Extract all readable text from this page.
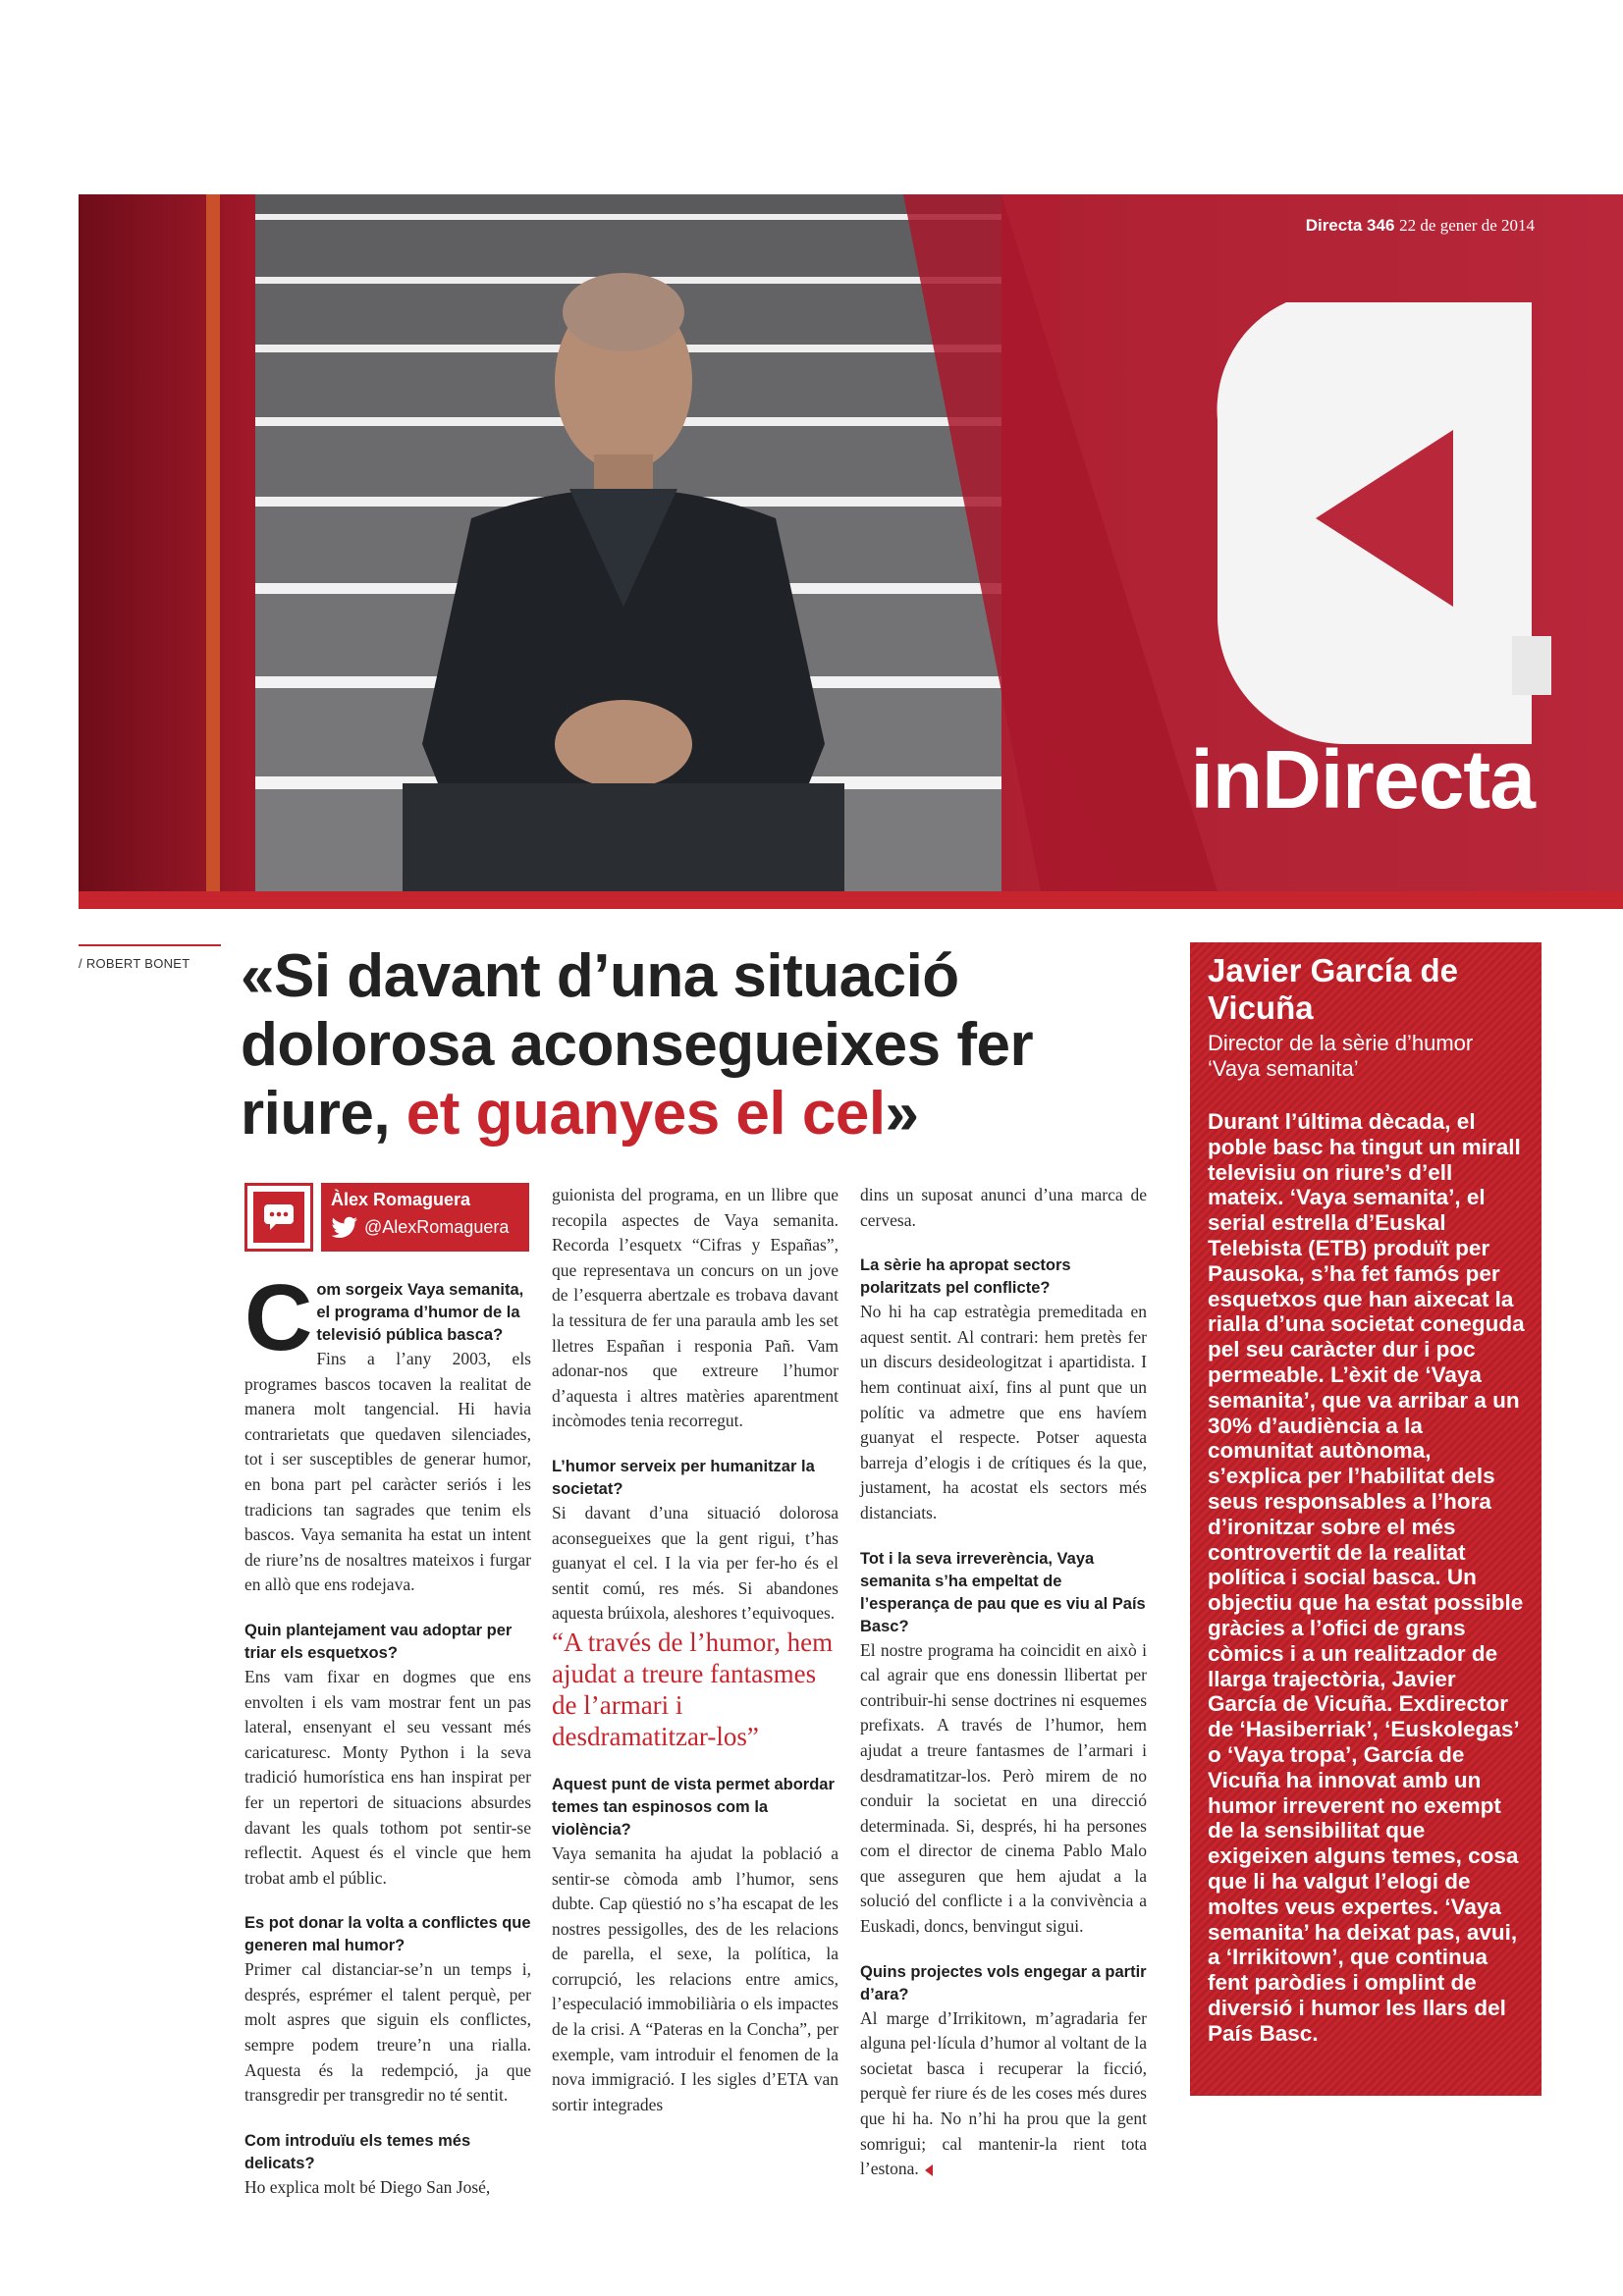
Directa 346 22 de gener de 2014
inDirecta
/ ROBERT BONET «Si davant d’una situació dolorosa aconsegueixes fer riure, et guanyes el cel»
Àlex Romaguera
@AlexRomaguera

Com sorgeix Vaya semanita, el programa d’humor de la televisió pública basca?

Fins a l’any 2003, els programes bascos tocaven la realitat de manera molt tangencial. Hi havia contrarietats que quedaven silenciades, tot i ser susceptibles de generar humor, en bona part pel caràcter seriós i les tradicions tan sagrades que tenim els bascos. Vaya semanita ha estat un intent de riure’ns de nosaltres mateixos i furgar en allò que ens rodejava.

Quin plantejament vau adoptar per triar els esquetxos?

Ens vam fixar en dogmes que ens envolten i els vam mostrar fent un pas lateral, ensenyant el seu vessant més caricaturesc. Monty Python i la seva tradició humorística ens han inspirat per fer un repertori de situacions absurdes davant les quals tothom pot sentir-se reflectit. Aquest és el vincle que hem trobat amb el públic.

Es pot donar la volta a conflictes que generen mal humor?

Primer cal distanciar-se’n un temps i, després, esprémer el talent perquè, per molt aspres que siguin els conflictes, sempre podem treure’n una rialla. Aquesta és la redempció, ja que transgredir per transgredir no té sentit.

Com introduïu els temes més delicats?

Ho explica molt bé Diego San José,

guionista del programa, en un llibre que recopila aspectes de Vaya semanita. Recorda l’esquetx “Cifras y Españas”, que representava un concurs on un jove de l’esquerra abertzale es trobava davant la tessitura de fer una paraula amb les set lletres Españan i responia Pañ. Vam adonar-nos que extreure l’humor d’aquesta i altres matèries aparentment incòmodes tenia recorregut.

L’humor serveix per humanitzar la societat?

Si davant d’una situació dolorosa aconsegueixes que la gent rigui, t’has guanyat el cel. I la via per fer-ho és el sentit comú, res més. Si abandones aquesta brúixola, aleshores t’equivoques.

“A través de l’humor, hem ajudat a treure fantasmes de l’armari i desdramatitzar-los”

Aquest punt de vista permet abordar temes tan espinosos com la violència?

Vaya semanita ha ajudat la població a sentir-se còmoda amb l’humor, sens dubte. Cap qüestió no s’ha escapat de les nostres pessigolles, des de les relacions de parella, el sexe, la política, la corrupció, les relacions entre amics, l’especulació immobiliària o els impactes de la crisi. A “Pateras en la Concha”, per exemple, vam introduir el fenomen de la nova immigració. I les sigles d’ETA van sortir integrades

dins un suposat anunci d’una marca de cervesa.

La sèrie ha apropat sectors polaritzats pel conflicte?

No hi ha cap estratègia premeditada en aquest sentit. Al contrari: hem pretès fer un discurs desideologitzat i apartidista. I hem continuat així, fins al punt que un polític va admetre que ens havíem guanyat el respecte. Potser aquesta barreja d’elogis i de crítiques és la que, justament, ha acostat els sectors més distanciats.

Tot i la seva irreverència, Vaya semanita s’ha empeltat de l’esperança de pau que es viu al País Basc?

El nostre programa ha coincidit en això i cal agrair que ens donessin llibertat per contribuir-hi sense doctrines ni esquemes prefixats. A través de l’humor, hem ajudat a treure fantasmes de l’armari i desdramatitzar-los. Però mirem de no conduir la societat en una direcció determinada. Si, després, hi ha persones com el director de cinema Pablo Malo que asseguren que hem ajudat a la solució del conflicte i a la convivència a Euskadi, doncs, benvingut sigui.

Quins projectes vols engegar a partir d’ara?

Al marge d’Irrikitown, m’agradaria fer alguna pel·lícula d’humor al voltant de la societat basca i recuperar la ficció, perquè fer riure és de les coses més dures que hi ha. No n’hi ha prou que la gent somrigui; cal mantenir-la rient tota l’estona.

Javier García de Vicuña
Director de la sèrie d’humor ‘Vaya semanita’
Durant l’última dècada, el poble basc ha tingut un mirall televisiu on riure’s d’ell mateix. ‘Vaya semanita’, el serial estrella d’Euskal Telebista (ETB) produït per Pausoka, s’ha fet famós per esquetxos que han aixecat la rialla d’una societat coneguda pel seu caràcter dur i poc permeable. L’èxit de ‘Vaya semanita’, que va arribar a un 30% d’audiència a la comunitat autònoma, s’explica per l’habilitat dels seus responsables a l’hora d’ironitzar sobre el més controvertit de la realitat política i social basca. Un objectiu que ha estat possible gràcies a l’ofici de grans còmics i a un realitzador de llarga trajectòria, Javier García de Vicuña. Exdirector de ‘Hasiberriak’, ‘Euskolegas’ o ‘Vaya tropa’, García de Vicuña ha innovat amb un humor irreverent no exempt de la sensibilitat que exigeixen alguns temes, cosa que li ha valgut l’elogi de moltes veus expertes. ‘Vaya semanita’ ha deixat pas, avui, a ‘Irrikitown’, que continua fent paròdies i omplint de diversió i humor les llars del País Basc.
